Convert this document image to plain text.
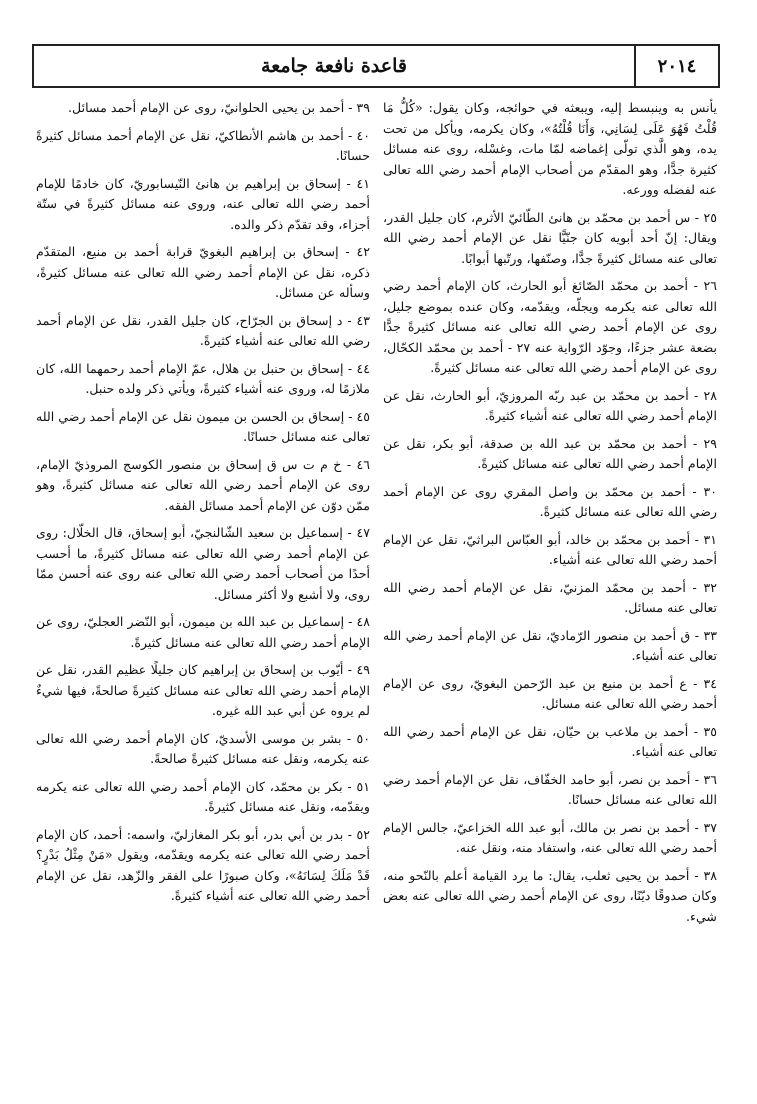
٢٠١٤
قاعدة نافعة جامعة

يأنس به وينبسط إليه، ويبعثه في حوائجه، وكان يقول: «كُلُّ مَا قُلْتُ فَهُوَ عَلَى لِسَانِي، وَأَنَا قُلْتُهُ»، وكان يكرمه، ويأكل من تحت يده، وهو الَّذي تولّى إغماضه لمّا مات، وغسْله، روى عنه مسائل كثيرة جدًّا، وهو المقدّم من أصحاب الإمام أحمد رضي الله تعالى عنه لفضله وورعه.

٢٥ - س أحمد بن محمّد بن هانئ الطّائيّ الأثرم، كان جليل القدر، ويقال: إنّ أحد أبويه كان جنّيًّا نقل عن الإمام أحمد رضي الله تعالى عنه مسائل كثيرةً جدًّا، وصنّفها، ورتّبها أبوابًا.

٢٦ - أحمد بن محمّد الصّائغ أبو الحارث، كان الإمام أحمد رضي الله تعالى عنه يكرمه ويجلّه، ويقدّمه، وكان عنده بموضع جليل، روى عن الإمام أحمد رضي الله تعالى عنه مسائل كثيرةً جدًّا بضعة عشر جزءًا، وجوّد الرّواية عنه ٢٧ - أحمد بن محمّد الكحّال، روى عن الإمام أحمد رضي الله تعالى عنه مسائل كثيرةً.

٢٨ - أحمد بن محمّد بن عبد ربّه المروزيّ، أبو الحارث، نقل عن الإمام أحمد رضي الله تعالى عنه أشياء كثيرةً.

٢٩ - أحمد بن محمّد بن عبد الله بن صدقة، أبو بكر، نقل عن الإمام أحمد رضي الله تعالى عنه مسائل كثيرةً.

٣٠ - أحمد بن محمّد بن واصل المقري روى عن الإمام أحمد رضي الله تعالى عنه مسائل كثيرةً.

٣١ - أحمد بن محمّد بن خالد، أبو العبّاس البراثيّ، نقل عن الإمام أحمد رضي الله تعالى عنه أشياء.

٣٢ - أحمد بن محمّد المزنيّ، نقل عن الإمام أحمد رضي الله تعالى عنه مسائل.

٣٣ - ق أحمد بن منصور الرّماديّ، نقل عن الإمام أحمد رضي الله تعالى عنه أشياء.

٣٤ - ع أحمد بن منيع بن عبد الرّحمن البغويّ، روى عن الإمام أحمد رضي الله تعالى عنه مسائل.

٣٥ - أحمد بن ملاعب بن حيّان، نقل عن الإمام أحمد رضي الله تعالى عنه أشياء.

٣٦ - أحمد بن نصر، أبو حامد الخفّاف، نقل عن الإمام أحمد رضي الله تعالى عنه مسائل حسانًا.

٣٧ - أحمد بن نصر بن مالك، أبو عبد الله الخزاعيّ، جالس الإمام أحمد رضي الله تعالى عنه، واستفاد منه، ونقل عنه.

٣٨ - أحمد بن يحيى ثعلب، يقال: ما يرد القيامة أعلم بالنّحو منه، وكان صدوقًا ديّنًا، روى عن الإمام أحمد رضي الله تعالى عنه بعض شيء.

٣٩ - أحمد بن يحيى الحلوانيّ، روى عن الإمام أحمد مسائل.

٤٠ - أحمد بن هاشم الأنطاكيّ، نقل عن الإمام أحمد مسائل كثيرةً حسانًا.

٤١ - إسحاق بن إبراهيم بن هانئ النّيسابوريّ، كان خادمًا للإمام أحمد رضي الله تعالى عنه، وروى عنه مسائل كثيرةً في ستّة أجزاء، وقد تقدّم ذكر والده.

٤٢ - إسحاق بن إبراهيم البغويّ قرابة أحمد بن منيع، المتقدّم ذكره، نقل عن الإمام أحمد رضي الله تعالى عنه مسائل كثيرةً، وسأله عن مسائل.

٤٣ - د إسحاق بن الجرّاح، كان جليل القدر، نقل عن الإمام أحمد رضي الله تعالى عنه أشياء كثيرةً.

٤٤ - إسحاق بن حنبل بن هلال، عمّ الإمام أحمد رحمهما الله، كان ملازمًا له، وروى عنه أشياء كثيرةً، ويأتي ذكر ولده حنبل.

٤٥ - إسحاق بن الحسن بن ميمون نقل عن الإمام أحمد رضي الله تعالى عنه مسائل حسانًا.

٤٦ - خ م ت س ق إسحاق بن منصور الكوسج المروذيّ الإمام، روى عن الإمام أحمد رضي الله تعالى عنه مسائل كثيرةً، وهو ممّن دوّن عن الإمام أحمد مسائل الفقه.

٤٧ - إسماعيل بن سعيد الشّالنجيّ، أبو إسحاق، قال الخلّال: روى عن الإمام أحمد رضي الله تعالى عنه مسائل كثيرةً، ما أحسب أحدًا من أصحاب أحمد رضي الله تعالى عنه روى عنه أحسن ممّا روى، ولا أشبع ولا أكثر مسائل.

٤٨ - إسماعيل بن عبد الله بن ميمون، أبو النّضر العجليّ، روى عن الإمام أحمد رضي الله تعالى عنه مسائل كثيرةً.

٤٩ - أيّوب بن إسحاق بن إبراهيم كان جليلًا عظيم القدر، نقل عن الإمام أحمد رضي الله تعالى عنه مسائل كثيرةً صالحةً، فيها شيءٌ لم يروه عن أبي عبد الله غيره.

٥٠ - بشر بن موسى الأسديّ، كان الإمام أحمد رضي الله تعالى عنه يكرمه، ونقل عنه مسائل كثيرةً صالحةً.

٥١ - بكر بن محمّد، كان الإمام أحمد رضي الله تعالى عنه يكرمه ويقدّمه، ونقل عنه مسائل كثيرةً.

٥٢ - بدر بن أبي بدر، أبو بكر المغازليّ، واسمه: أحمد، كان الإمام أحمد رضي الله تعالى عنه يكرمه ويقدّمه، ويقول «مَنْ مِثْلُ بَدْرٍ؟ قَدْ مَلَكَ لِسَانَهُ»، وكان صبورًا على الفقر والزّهد، نقل عن الإمام أحمد رضي الله تعالى عنه أشياء كثيرةً.
